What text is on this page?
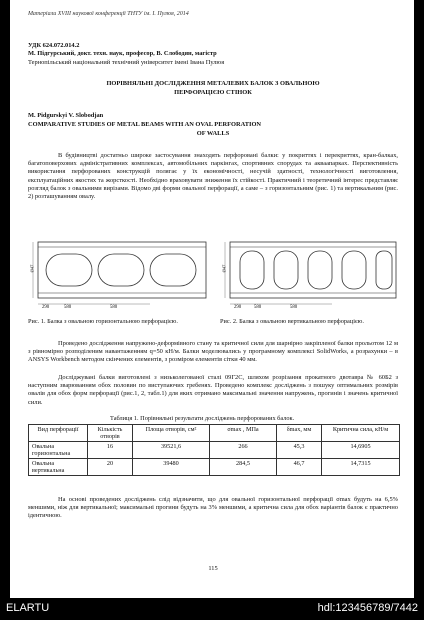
Матеріали XVIII наукової конференції ТНТУ ім. І. Пулюя, 2014
УДК 624.072.014.2
М. Підгурський, докт. техн. наук, професор, В. Слободян, магістр
Тернопільський національний технічний університет імені Івана Пулюя
ПОРІВНЯЛЬНІ ДОСЛІДЖЕННЯ МЕТАЛЕВИХ БАЛОК З ОВАЛЬНОЮ
ПЕРФОРАЦІЄЮ СТІНОК
M. Pidgurskyi V. Slobodjan
COMPARATIVE STUDIES OF METAL BEAMS WITH AN OVAL PERFORATION
OF WALLS
В будівництві достатньо широке застосування знаходять перфоровані балки: у покриттях і перекриттях, кран-балках, багатоповерхових адміністративних комплексах, автомобільних паркінгах, спортивних спорудах та акваапарках. Перспективність використання перфорованих конструкцій полягає у їх економічності, несучій здатності, технологічності виготовлення, експлуатаційних якостях та жорсткості. Необхідно враховувати зниження їх стійкості. Практичний і теоретичний інтерес представляє розгляд балок з овальними вирізами. Відомо дві форми овальної перфорації, а саме – з горизонтальним (рис. 1) та вертикальним (рис. 2) розташуванням овалу.
Ø47
290	580	580
Ø47
290	580	580
Рис. 1. Балка з овальною горизонтальною перфорацією.	Рис. 2. Балка з овальною вертикальною перфорацією.
Проведено дослідження напружено-деформівного стану та критичної сили для шарнірно закріпленої балки прольотом 12 м з рівномірно розподіленим навантаженням q=50 кН/м. Балки моделювались у програмному комплексі SolidWorks, а розрахунки – в ANSYS Workbench методом скінчених елементів, з розміром елементів сітки 40 мм.
Досліджувані балки виготовлені з низьколегованої сталі 09Г2С, шляхом розрізання прокатного двотавра № 60Б2 з наступним зварюванням обох половин по виступаючих гребенях. Проведено комплекс досліджень з пошуку оптимальних розмірів овалів для обох форм перфорації (рис.1, 2, табл.1) для яких отримано максимальні значення напружень, прогинів і значень критичної сили.
Таблиця 1. Порівняльні результати досліджень перфорованих балок.
Вид перфорації	Кількість отворів	Площа отворів, см²	σmax , МПа	δmax, мм	Критична сила, кН/м
Овальна горизонтальна	16	39521,6	266	45,3	14,6905
Овальна вертикальна	20	39480	284,5	46,7	14,7315
На основі проведених досліджень слід відзначити, що для овальної горизонтальної перфорації σmax будуть на 6,5% меншими, ніж для вертикальної; максимальні прогини будуть на 3% меншими, а критична сила для обох варіантів балок є практично ідентичною.
115
ELARTU	hdl:123456789/7442
